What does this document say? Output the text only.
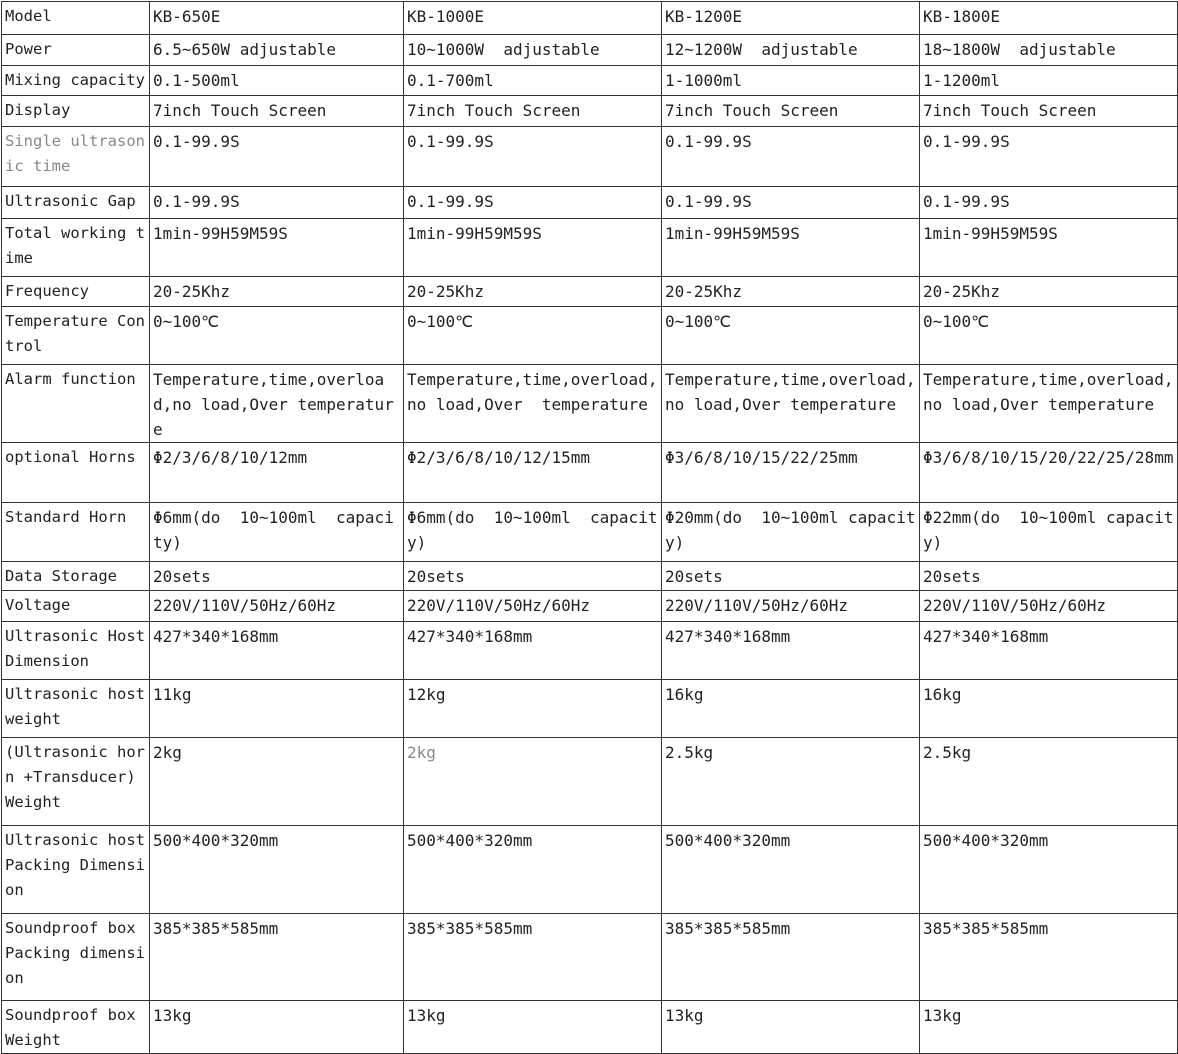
Model	KB-650E	KB-1000E	KB-1200E	KB-1800E
Power	6.5~650W adjustable	10~1000W  adjustable	12~1200W  adjustable	18~1800W  adjustable
Mixing capacity	0.1-500ml	0.1-700ml	1-1000ml	1-1200ml
Display	7inch Touch Screen	7inch Touch Screen	7inch Touch Screen	7inch Touch Screen
Single ultrasonic time	0.1-99.9S	0.1-99.9S	0.1-99.9S	0.1-99.9S
Ultrasonic Gap	0.1-99.9S	0.1-99.9S	0.1-99.9S	0.1-99.9S
Total working time	1min-99H59M59S	1min-99H59M59S	1min-99H59M59S	1min-99H59M59S
Frequency	20-25Khz	20-25Khz	20-25Khz	20-25Khz
Temperature Control	0~100℃	0~100℃	0~100℃	0~100℃
Alarm function	Temperature,time,overload,no load,Over temperature	Temperature,time,overload,no load,Over  temperature	Temperature,time,overload,no load,Over temperature	Temperature,time,overload,no load,Over temperature
optional Horns	Φ2/3/6/8/10/12mm	Φ2/3/6/8/10/12/15mm	Φ3/6/8/10/15/22/25mm	Φ3/6/8/10/15/20/22/25/28mm
Standard Horn	Φ6mm(do  10~100ml  capacity)	Φ6mm(do  10~100ml  capacity)	Φ20mm(do  10~100ml capacity)	Φ22mm(do  10~100ml capacity)
Data Storage	20sets	20sets	20sets	20sets
Voltage	220V/110V/50Hz/60Hz	220V/110V/50Hz/60Hz	220V/110V/50Hz/60Hz	220V/110V/50Hz/60Hz
Ultrasonic Host Dimension	427*340*168mm	427*340*168mm	427*340*168mm	427*340*168mm
Ultrasonic host weight	11kg	12kg	16kg	16kg
(Ultrasonic horn +Transducer) Weight	2kg	2kg	2.5kg	2.5kg
Ultrasonic host Packing Dimension	500*400*320mm	500*400*320mm	500*400*320mm	500*400*320mm
Soundproof box Packing dimension	385*385*585mm	385*385*585mm	385*385*585mm	385*385*585mm
Soundproof box Weight	13kg	13kg	13kg	13kg
